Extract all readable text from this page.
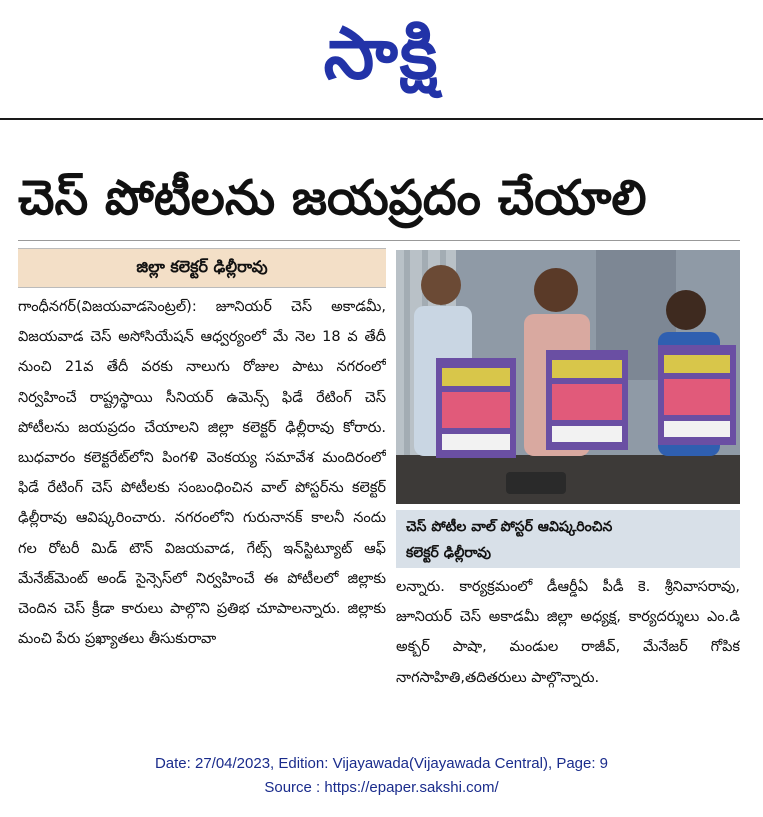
సాక్షి
చెస్ పోటీలను జయప్రదం చేయాలి
జిల్లా కలెక్టర్ ఢిల్లీరావు

గాంధీనగర్(విజయవాడసెంట్రల్): జూనియర్ చెస్ అకాడమీ, విజయవాడ చెస్ అసోసియేషన్ ఆధ్వర్యంలో మే నెల 18 వ తేదీ నుంచి 21వ తేదీ వరకు నాలుగు రోజుల పాటు నగరంలో నిర్వహించే రాష్ట్రస్థాయి సీనియర్ ఉమెన్స్ ఫిడే రేటింగ్ చెస్ పోటీలను జయప్రదం చేయాలని జిల్లా కలెక్టర్ ఢిల్లీరావు కోరారు. బుధవారం కలెక్టరేట్‌లోని పింగళి వెంకయ్య సమావేశ మందిరంలో ఫిడే రేటింగ్ చెస్ పోటీలకు సంబంధించిన వాల్ పోస్టర్‌ను కలెక్టర్ ఢిల్లీరావు ఆవిష్కరించారు. నగరంలోని గురునానక్ కాలనీ నందు గల రోటరీ మిడ్ టౌన్ విజయవాడ, గేట్స్ ఇన్‌స్టిట్యూట్ ఆఫ్ మేనేజ్‌మెంట్ అండ్ సైన్సెస్‌లో నిర్వహించే ఈ పోటీలలో జిల్లాకు చెందిన చెస్ క్రీడా కారులు పాల్గొని ప్రతిభ చూపాలన్నారు. జిల్లాకు మంచి పేరు ప్రఖ్యాతలు తీసుకురావా

చెస్ పోటీల వాల్ పోస్టర్ ఆవిష్కరించిన
కలెక్టర్ ఢిల్లీరావు

లన్నారు. కార్యక్రమంలో డీఆర్డీఏ పీడీ కె. శ్రీనివాసరావు, జూనియర్ చెస్ అకాడమీ జిల్లా అధ్యక్ష, కార్యదర్శులు ఎం.డి అక్బర్ పాషా, మండుల రాజీవ్, మేనేజర్ గోపిక నాగసాహితి,తదితరులు పాల్గొన్నారు.

Date: 27/04/2023, Edition: Vijayawada(Vijayawada Central), Page: 9
Source : https://epaper.sakshi.com/
